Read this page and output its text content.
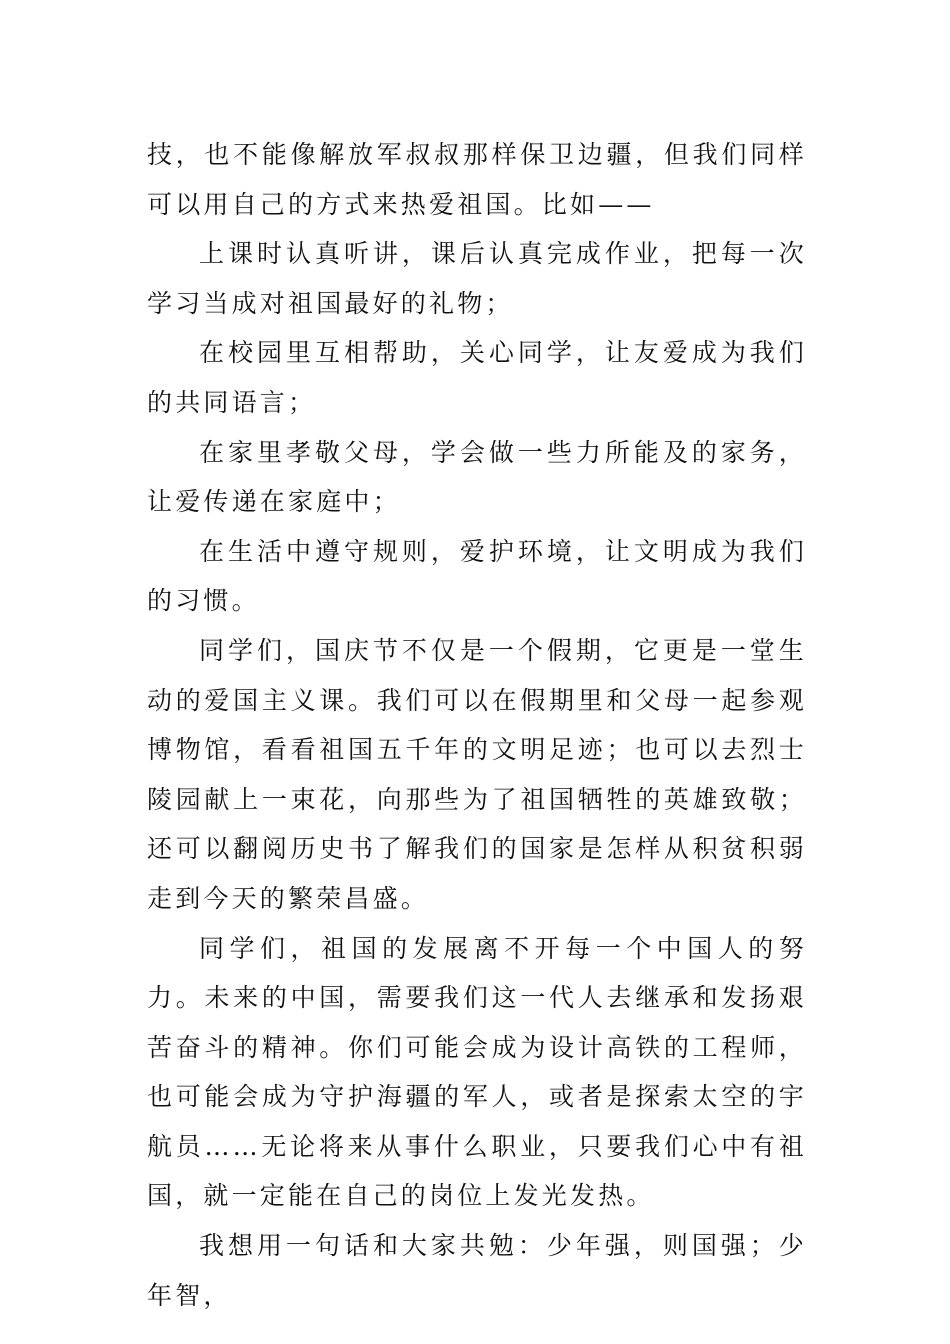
技，也不能像解放军叔叔那样保卫边疆，但我们同样可以用自己的方式来热爱祖国。比如——

上课时认真听讲，课后认真完成作业，把每一次学习当成对祖国最好的礼物；

在校园里互相帮助，关心同学，让友爱成为我们的共同语言；

在家里孝敬父母，学会做一些力所能及的家务，让爱传递在家庭中；

在生活中遵守规则，爱护环境，让文明成为我们的习惯。

同学们，国庆节不仅是一个假期，它更是一堂生动的爱国主义课。我们可以在假期里和父母一起参观博物馆，看看祖国五千年的文明足迹；也可以去烈士陵园献上一束花，向那些为了祖国牺牲的英雄致敬；还可以翻阅历史书了解我们的国家是怎样从积贫积弱走到今天的繁荣昌盛。

同学们，祖国的发展离不开每一个中国人的努力。未来的中国，需要我们这一代人去继承和发扬艰苦奋斗的精神。你们可能会成为设计高铁的工程师，也可能会成为守护海疆的军人，或者是探索太空的宇航员……无论将来从事什么职业，只要我们心中有祖国，就一定能在自己的岗位上发光发热。

我想用一句话和大家共勉：少年强，则国强；少年智，
